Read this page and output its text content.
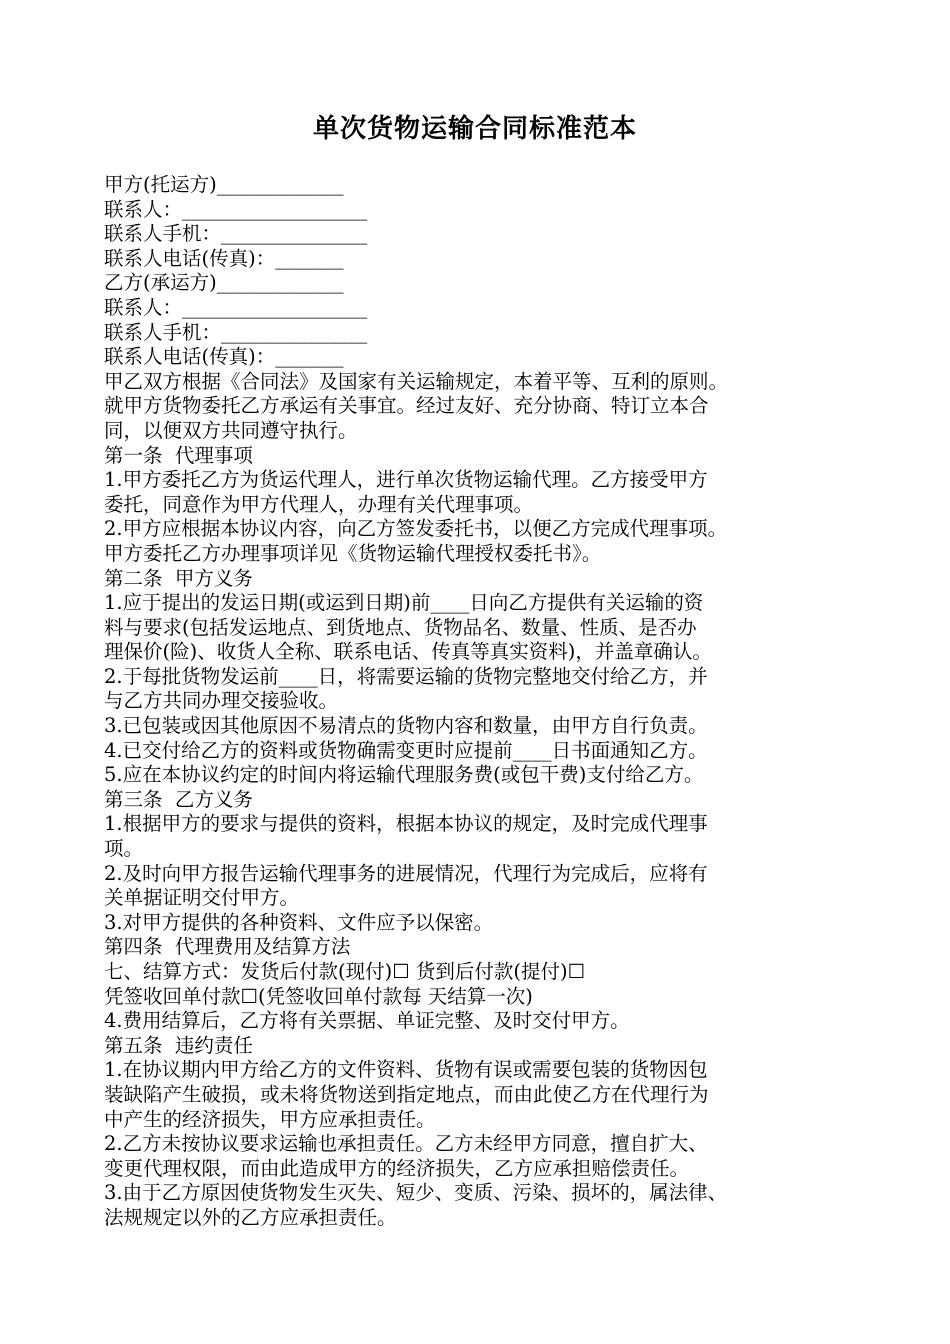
单次货物运输合同标准范本
甲方(托运方)_____________
联系人：___________________
联系人手机：_______________
联系人电话(传真)：_______
乙方(承运方)_____________
联系人：___________________
联系人手机：_______________
联系人电话(传真)：_______
甲乙双方根据《合同法》及国家有关运输规定，本着平等、互利的原则。
就甲方货物委托乙方承运有关事宜。经过友好、充分协商、特订立本合
同，以便双方共同遵守执行。
第一条  代理事项
1.甲方委托乙方为货运代理人，进行单次货物运输代理。乙方接受甲方
委托，同意作为甲方代理人，办理有关代理事项。
2.甲方应根据本协议内容，向乙方签发委托书，以便乙方完成代理事项。
甲方委托乙方办理事项详见《货物运输代理授权委托书》。
第二条  甲方义务
1.应于提出的发运日期(或运到日期)前____日向乙方提供有关运输的资
料与要求(包括发运地点、到货地点、货物品名、数量、性质、是否办
理保价(险)、收货人全称、联系电话、传真等真实资料)，并盖章确认。
2.于每批货物发运前____日，将需要运输的货物完整地交付给乙方，并
与乙方共同办理交接验收。
3.已包装或因其他原因不易清点的货物内容和数量，由甲方自行负责。
4.已交付给乙方的资料或货物确需变更时应提前____日书面通知乙方。
5.应在本协议约定的时间内将运输代理服务费(或包干费)支付给乙方。
第三条  乙方义务
1.根据甲方的要求与提供的资料，根据本协议的规定，及时完成代理事
项。
2.及时向甲方报告运输代理事务的进展情况，代理行为完成后，应将有
关单据证明交付甲方。
3.对甲方提供的各种资料、文件应予以保密。
第四条  代理费用及结算方法
七、结算方式：发货后付款(现付)☐ 货到后付款(提付)☐
凭签收回单付款☐(凭签收回单付款每 天结算一次)
4.费用结算后，乙方将有关票据、单证完整、及时交付甲方。
第五条  违约责任
1.在协议期内甲方给乙方的文件资料、货物有误或需要包装的货物因包
装缺陷产生破损，或未将货物送到指定地点，而由此使乙方在代理行为
中产生的经济损失，甲方应承担责任。
2.乙方未按协议要求运输也承担责任。乙方未经甲方同意，擅自扩大、
变更代理权限，而由此造成甲方的经济损失，乙方应承担赔偿责任。
3.由于乙方原因使货物发生灭失、短少、变质、污染、损坏的，属法律、
法规规定以外的乙方应承担责任。
